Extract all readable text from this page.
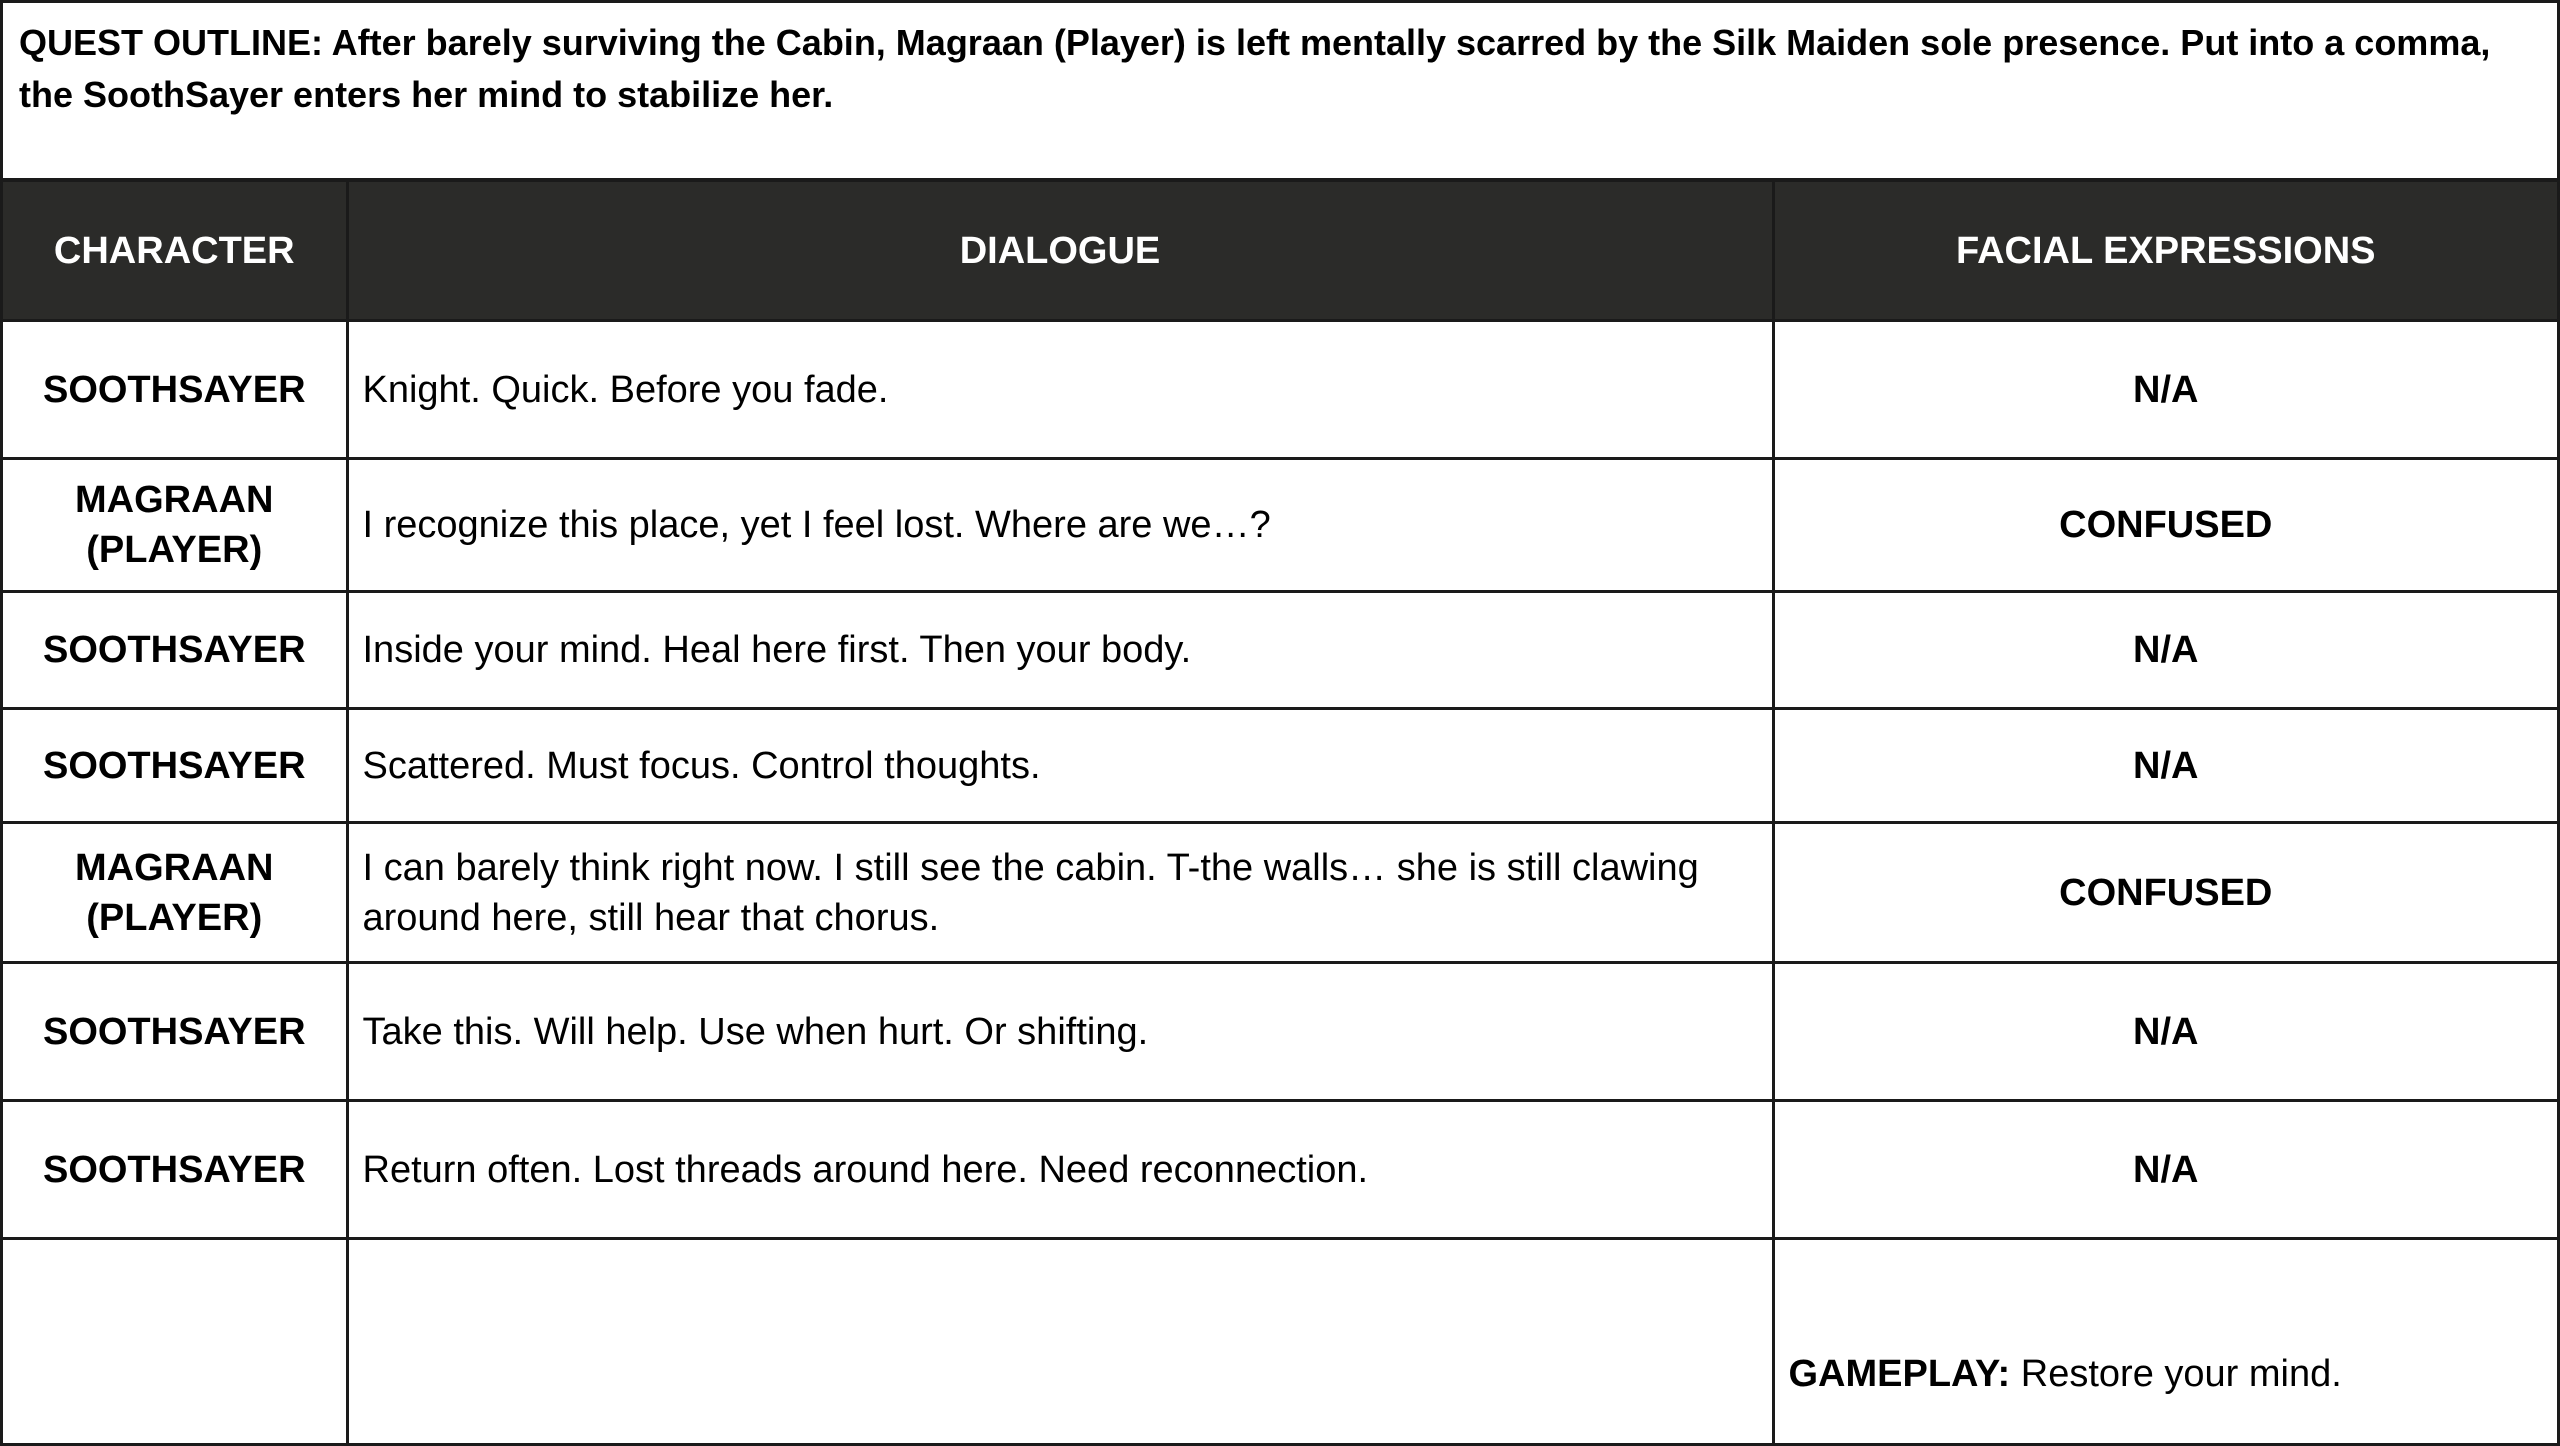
QUEST OUTLINE: After barely surviving the Cabin, Magraan (Player) is left mentally scarred by the Silk Maiden sole presence. Put into a comma, the SoothSayer enters her mind to stabilize her.
CHARACTER	DIALOGUE	FACIAL EXPRESSIONS
SOOTHSAYER	Knight. Quick. Before you fade.	N/A
MAGRAAN (PLAYER)	I recognize this place, yet I feel lost. Where are we…?	CONFUSED
SOOTHSAYER	Inside your mind. Heal here first. Then your body.	N/A
SOOTHSAYER	Scattered. Must focus. Control thoughts.	N/A
MAGRAAN (PLAYER)	I can barely think right now. I still see the cabin. T-the walls… she is still clawing around here, still hear that chorus.	CONFUSED
SOOTHSAYER	Take this. Will help. Use when hurt. Or shifting.	N/A
SOOTHSAYER	Return often. Lost threads around here. Need reconnection.	N/A
		GAMEPLAY: Restore your mind.
